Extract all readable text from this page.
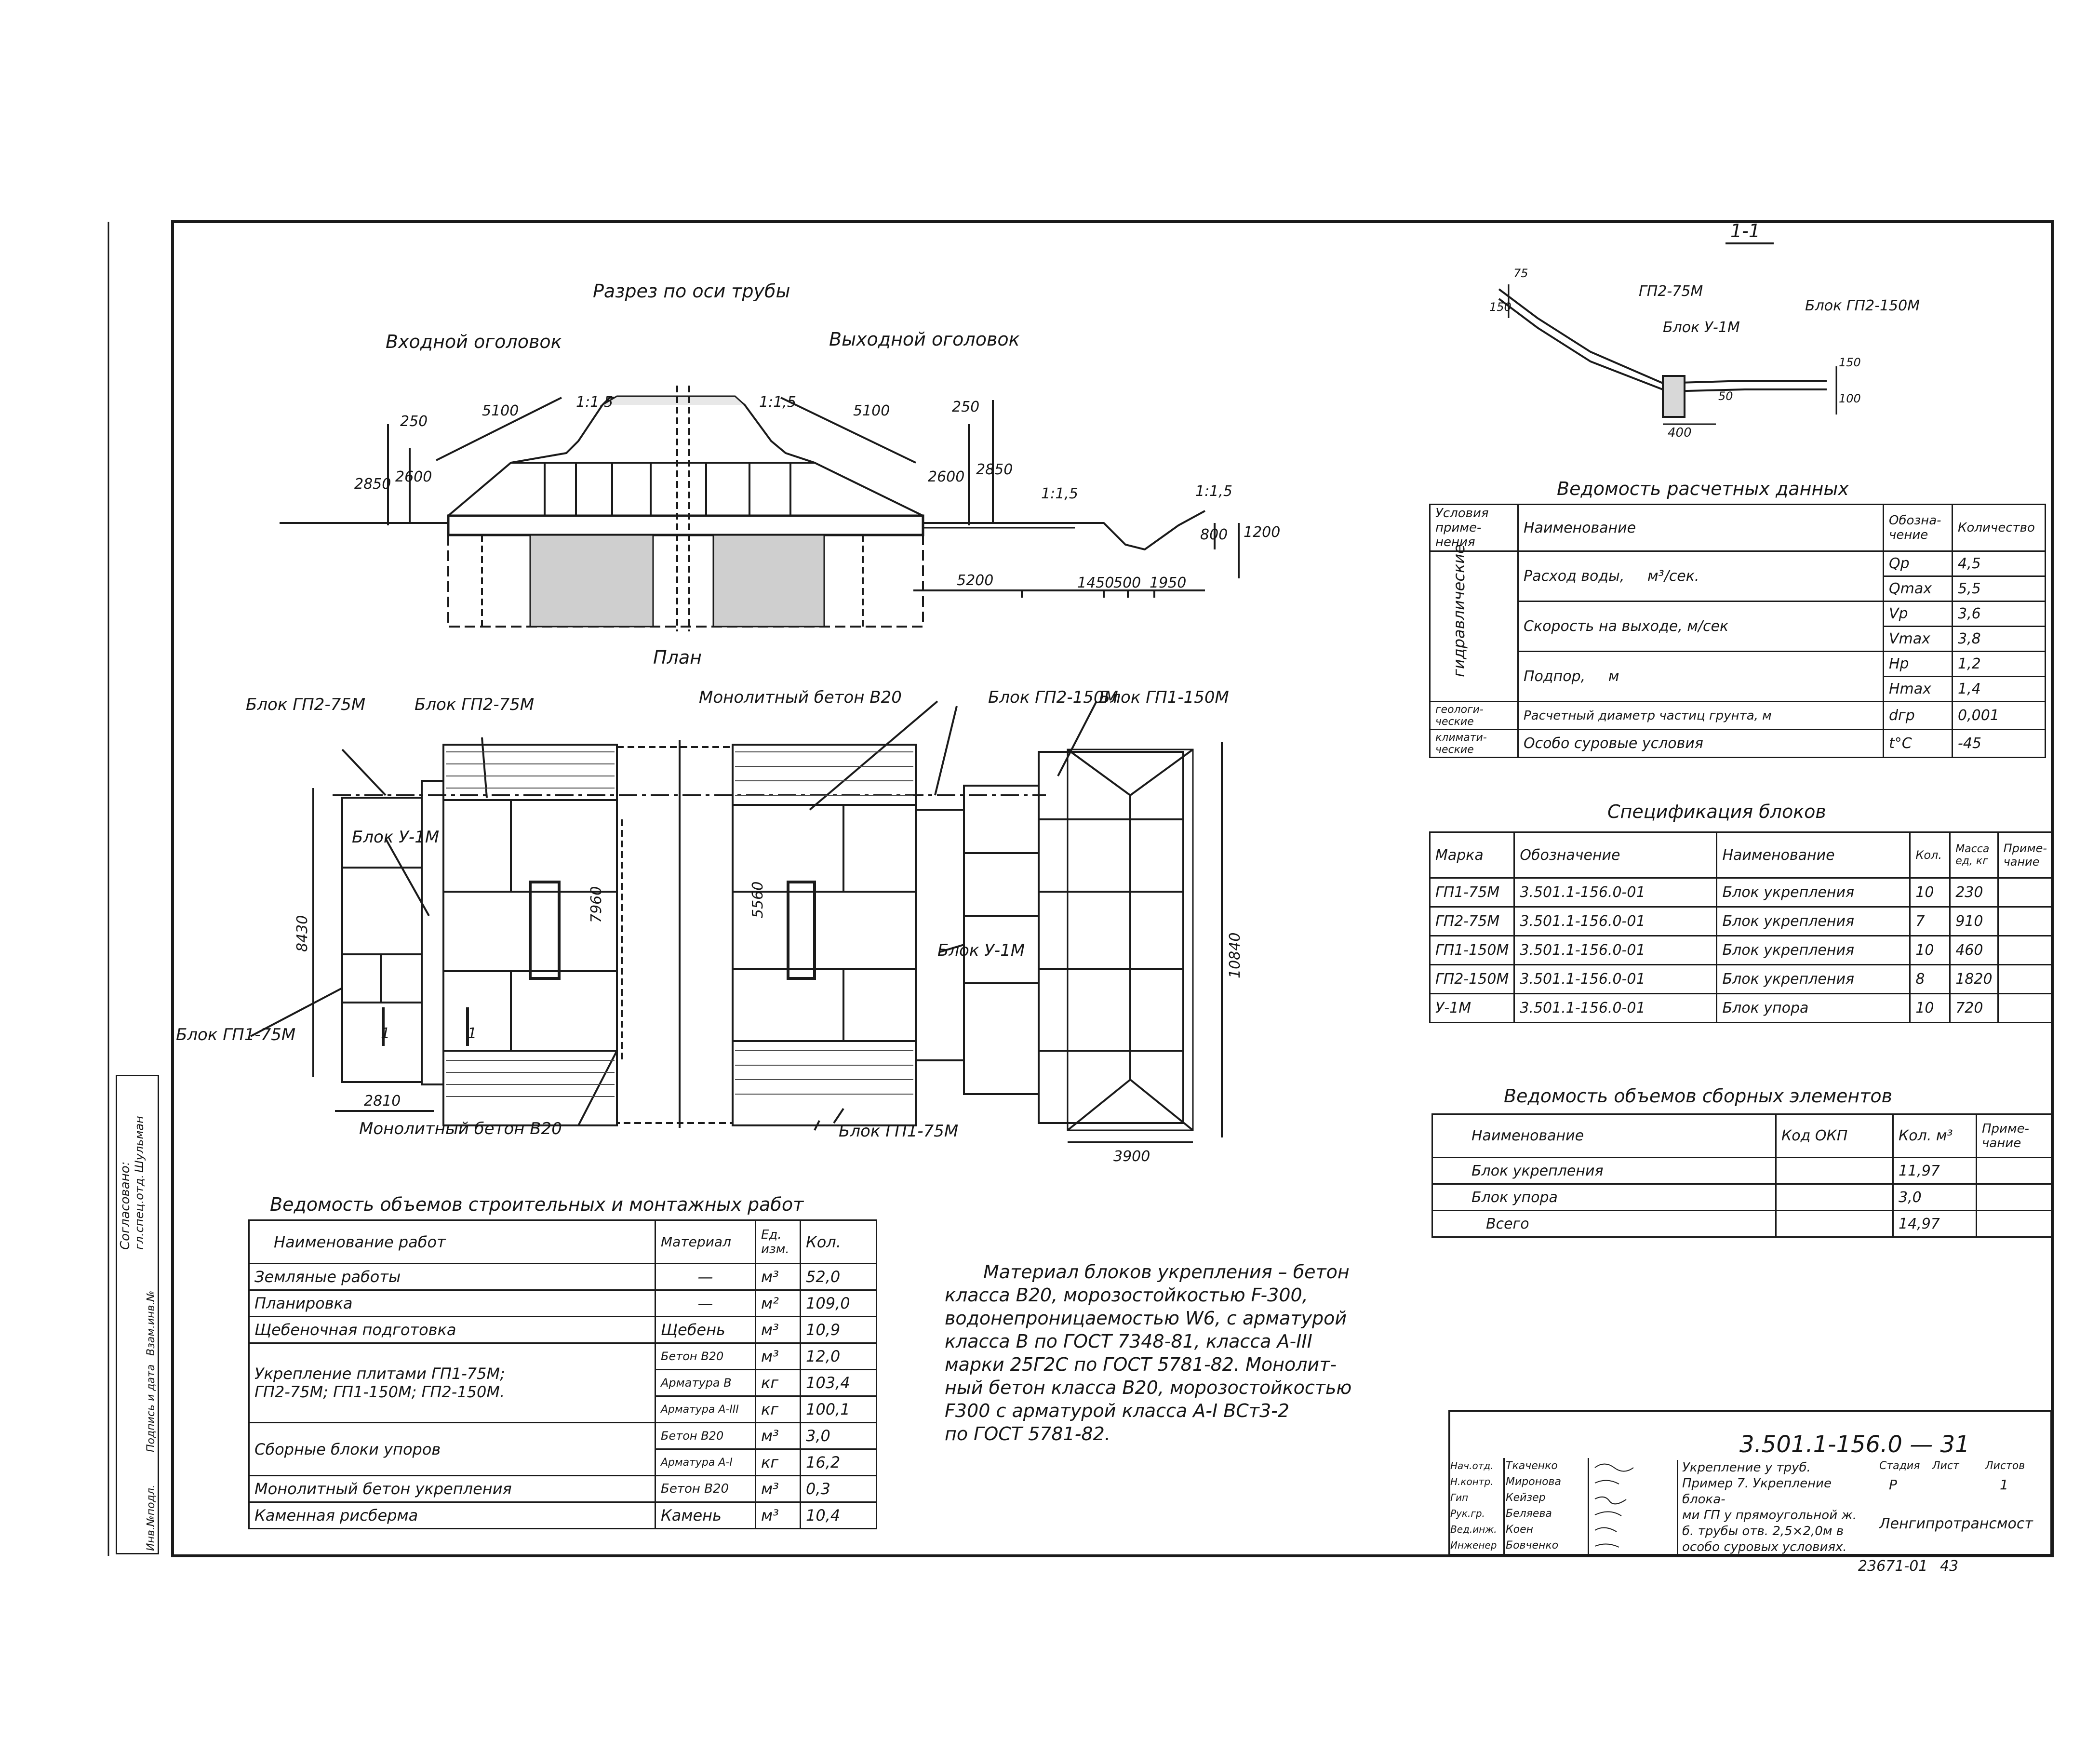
Разрез по оси трубы
Входной оголовок	Выходной оголовок
План
1-1
5100
1:1,5
250
2850 2600
5100
1:1,5	250
2600 2850
1:1,5	1:1,5
800 1200
5200	1450
500 1950
Блок ГП2-75М	Блок ГП2-75М	Монолитный бетон В20	Блок ГП2-150М
Блок ГП1-150М
Блок У-1М
Блок У-1М
Блок ГП1-75М
Блок ГП1-75М
Монолитный бетон В20
2810
3900
8430
7960	5560
10840
1	1
ГП2-75М
Блок У-1М
Блок ГП2-150М
150
75
100
150
50
400
Ведомость расчетных данных
Условия приме-нения	Наименование	Обозна-чение	Количество

гидравлические	Расход воды, м³/сек.	Qp	4,5
		Qmax	5,5
	Скорость на выходе, м/сек	Vp	3,6
		Vmax	3,8
	Подпор, м	Hp	1,2
		Hmax	1,4
геологи-ческие	Расчетный диаметр частиц грунта, м	dгр	0,001
климати-ческие	Особо суровые условия	t°C	-45
Спецификация блоков
Марка	Обозначение	Наименование	Кол.	Масса ед, кг	Приме-чание
ГП1-75М	3.501.1-156.0-01	Блок укрепления	10	230	
ГП2-75М	3.501.1-156.0-01	Блок укрепления	7	910	
ГП1-150М	3.501.1-156.0-01	Блок укрепления	10	460	
ГП2-150М	3.501.1-156.0-01	Блок укрепления	8	1820	
У-1М	3.501.1-156.0-01	Блок упора	10	720	
Ведомость объемов сборных элементов
Наименование	Код ОКП	Кол. м³	Приме-чание
Блок укрепления		11,97	
Блок упора		3,0	
Всего		14,97	
Ведомость объемов строительных и монтажных работ
Наименование работ	Материал	Ед. изм.	Кол.
Земляные работы	—	м³	52,0
Планировка	—	м²	109,0
Щебеночная подготовка	Щебень	м³	10,9

Укрепление плитами ГП1-75М;
ГП2-75М; ГП1-150М; ГП2-150М.	Бетон В20	м³	12,0
	Арматура В	кг	103,4
	Арматура А-III	кг	100,1
Сборные блоки упоров	Бетон В20	м³	3,0
	Арматура А-I	кг	16,2
Монолитный бетон укрепления	Бетон В20	м³	0,3
Каменная рисберма	Камень	м³	10,4
Материал блоков укрепления – бетон
класса В20, морозостойкостью F-300,
водонепроницаемостью W6, с арматурой
класса В по ГОСТ 7348-81, класса А-III
марки 25Г2С по ГОСТ 5781-82. Монолит-
ный бетон класса В20, морозостойкостью
F300 с арматурой класса А-I ВСт3-2
по ГОСТ 5781-82.	3.501.1-156.0 — 31
Нач.отд.
Н.контр.
Гип
Рук.гр.
Вед.инж.
Инженер
Ткаченко
Миронова
Кейзер
Беляева
Коен
Бовченко
Укрепление у труб.
Пример 7. Укрепление блока-
ми ГП у прямоугольной ж.
б. трубы отв. 2,5×2,0м в
особо суровых условиях.
Стадия Лист Листов
Р	1
Ленгипротрансмост
23671-01 43
Согласовано: гл.спец.отд.
Шульман
Взам.инв.№
Подпись и дата
Инв.№подл.
